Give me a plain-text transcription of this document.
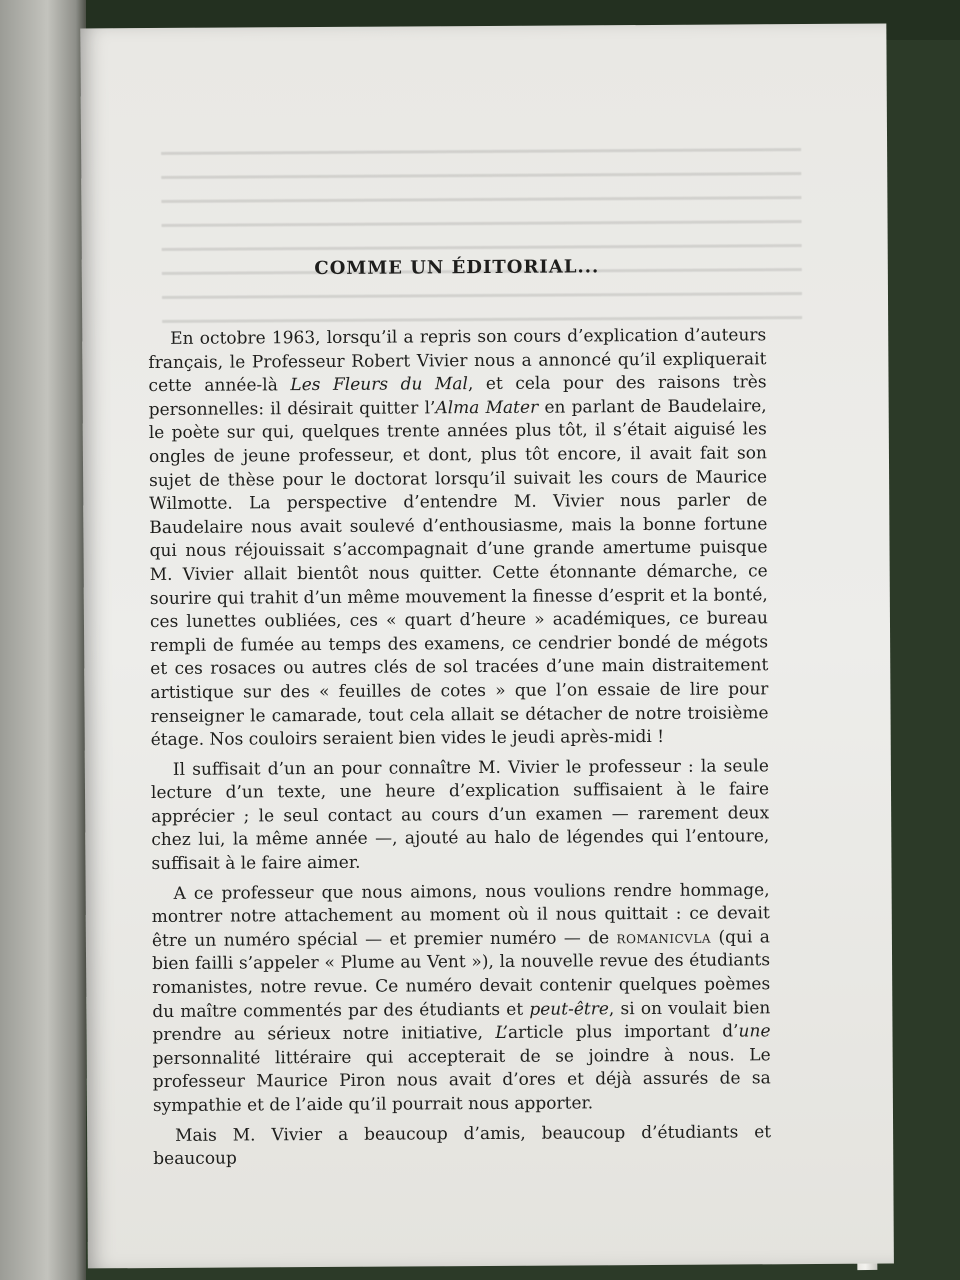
COMME UN ÉDITORIAL...

En octobre 1963, lorsqu’il a repris son cours d’explication d’auteurs français, le Professeur Robert Vivier nous a annoncé qu’il expliquerait cette année-là Les Fleurs du Mal, et cela pour des raisons très personnelles: il désirait quitter l’Alma Mater en parlant de Baudelaire, le poète sur qui, quelques trente années plus tôt, il s’était aiguisé les ongles de jeune professeur, et dont, plus tôt encore, il avait fait son sujet de thèse pour le doctorat lorsqu’il suivait les cours de Maurice Wilmotte. La perspective d’entendre M. Vivier nous parler de Baudelaire nous avait soulevé d’enthousiasme, mais la bonne fortune qui nous réjouissait s’accompagnait d’une grande amertume puisque M. Vivier allait bientôt nous quitter. Cette étonnante démarche, ce sourire qui trahit d’un même mouvement la finesse d’esprit et la bonté, ces lunettes oubliées, ces « quart d’heure » académiques, ce bureau rempli de fumée au temps des examens, ce cendrier bondé de mégots et ces rosaces ou autres clés de sol tracées d’une main distraitement artistique sur des « feuilles de cotes » que l’on essaie de lire pour renseigner le camarade, tout cela allait se détacher de notre troisième étage. Nos couloirs seraient bien vides le jeudi après-midi !

Il suffisait d’un an pour connaître M. Vivier le professeur : la seule lecture d’un texte, une heure d’explication suffisaient à le faire apprécier ; le seul contact au cours d’un examen — rarement deux chez lui, la même année —, ajouté au halo de légendes qui l’entoure, suffisait à le faire aimer.

A ce professeur que nous aimons, nous voulions rendre hommage, montrer notre attachement au moment où il nous quittait : ce devait être un numéro spécial — et premier numéro — de romanicvla (qui a bien failli s’appeler « Plume au Vent »), la nouvelle revue des étudiants romanistes, notre revue. Ce numéro devait contenir quelques poèmes du maître commentés par des étudiants et peut-être, si on voulait bien prendre au sérieux notre initiative, L’article plus important d’une personnalité littéraire qui accepterait de se joindre à nous. Le professeur Maurice Piron nous avait d’ores et déjà assurés de sa sympathie et de l’aide qu’il pourrait nous apporter.

Mais M. Vivier a beaucoup d’amis, beaucoup d’étudiants et beaucoup
